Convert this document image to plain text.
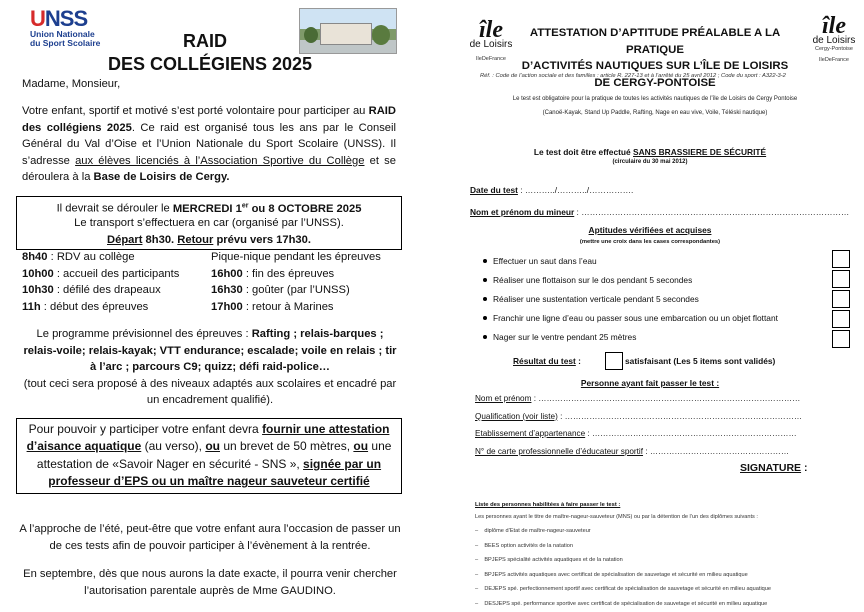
UNSS
Union Nationale
du Sport Scolaire	RAID
DES COLLÉGIENS 2025
Madame, Monsieur,
Votre enfant, sportif et motivé s’est porté volontaire pour participer au RAID des collégiens 2025. Ce raid est organisé tous les ans par le Conseil Général du Val d’Oise et l’Union Nationale du Sport Scolaire (UNSS). Il s’adresse aux élèves licenciés à l’Association Sportive du Collège et se déroulera à la Base de Loisirs de Cergy.
Il devrait se dérouler le MERCREDI 1er ou 8 OCTOBRE 2025
Le transport s’effectuera en car (organisé par l’UNSS).
Départ 8h30. Retour prévu vers 17h30.
8h40 : RDV au collège
10h00 : accueil des participants
10h30 : défilé des drapeaux
11h : début des épreuves
Pique-nique pendant les épreuves
16h00 : fin des épreuves
16h30 : goûter (par l’UNSS)
17h00 : retour à Marines
Le programme prévisionnel des épreuves : Rafting ; relais-barques ; relais-voile; relais-kayak; VTT endurance; escalade; voile en relais ; tir à l’arc ; parcours C9; quizz; défi raid-police…
(tout ceci sera proposé à des niveaux adaptés aux scolaires et encadré par un encadrement qualifié).
Pour pouvoir y participer votre enfant devra fournir une attestation d’aisance aquatique (au verso), ou un brevet de 50 mètres, ou une attestation de «Savoir Nager en sécurité - SNS », signée par un professeur d’EPS ou un maître nageur sauveteur certifié
A l’approche de l’été, peut-être que votre enfant aura l’occasion de passer un de ces tests afin de pouvoir participer à l’évènement à la rentrée.
En septembre, dès que nous aurons la date exacte, il pourra venir chercher l’autorisation parentale auprès de Mme GAUDINO.
île
de Loisirs
IleDeFrance
île
de Loisirs
Cergy-Pontoise
IleDeFrance
ATTESTATION D’APTITUDE PRÉALABLE A LA PRATIQUE
D’ACTIVITÉS NAUTIQUES SUR L’ÎLE DE LOISIRS
DE CERGY-PONTOISE
Réf. : Code de l’action sociale et des familles : article R. 227-13 et à l’arrêté du 25 avril 2012 ; Code du sport : A322-3-2
Le test est obligatoire pour la pratique de toutes les activités nautiques de l’île de Loisirs de Cergy Pontoise
(Canoë-Kayak, Stand Up Paddle, Rafting, Nage en eau vive, Voile, Téléski nautique)
Le test doit être effectué SANS BRASSIERE DE SÉCURITÉ
(circulaire du 30 mai 2012)
Date du test : ………../………../…………….
Nom et prénom du mineur : ……………………………………………………………………………………
Aptitudes vérifiées et acquises
(mettre une croix dans les cases correspondantes)
Effectuer un saut dans l’eau
Réaliser une flottaison sur le dos pendant 5 secondes
Réaliser une sustentation verticale pendant 5 secondes
Franchir une ligne d’eau ou passer sous une embarcation ou un objet flottant
Nager sur le ventre pendant 25 mètres
Résultat du test :	satisfaisant (Les 5 items sont validés)
Personne ayant fait passer le test :
Nom et prénom : ……………………………………………………………………………………
Qualification (voir liste) : ……………………………………………………………………………
Etablissement d’appartenance : …………………………………………………………………
N° de carte professionnelle d’éducateur sportif : ……………………………………………
SIGNATURE :
Liste des personnes habilitées à faire passer le test :
Les personnes ayant le titre de maître-nageur-sauveteur (MNS) ou par la détention de l’un des diplômes suivants :
–    diplôme d’Etat de maître-nageur-sauveteur
–    BEES option activités de la natation
–    BPJEPS spécialité activités aquatiques et de la natation
–    BPJEPS activités aquatiques avec certificat de spécialisation de sauvetage et sécurité en milieu aquatique
–    DEJEPS spé. perfectionnement sportif avec certificat de spécialisation de sauvetage et sécurité en milieu aquatique
–    DESJEPS spé. performance sportive avec certificat de spécialisation de sauvetage et sécurité en milieu aquatique
